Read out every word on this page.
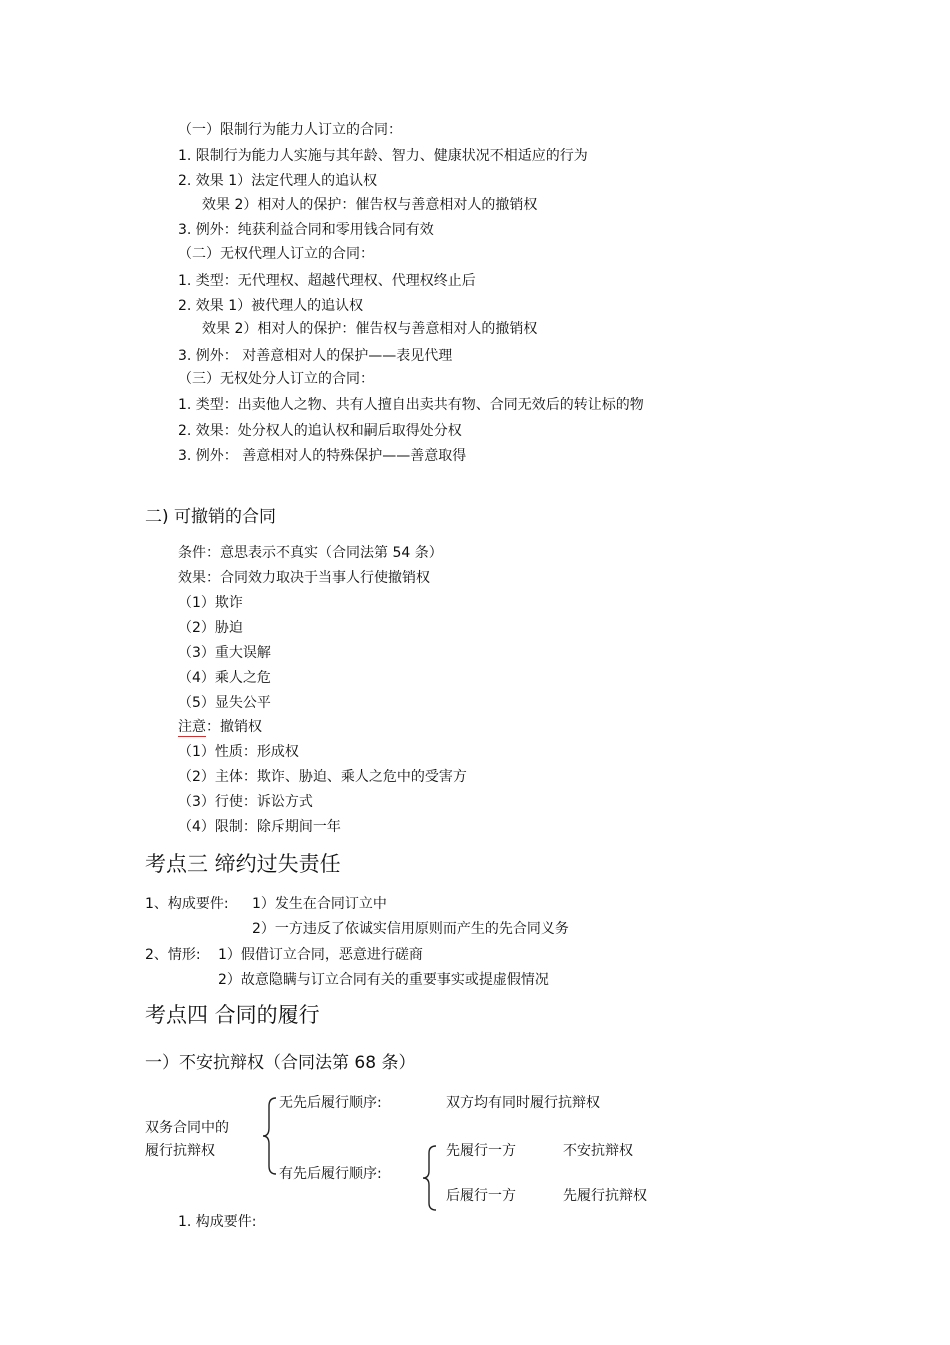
（一）限制行为能力人订立的合同：
1. 限制行为能力人实施与其年龄、智力、健康状况不相适应的行为
2. 效果 1）法定代理人的追认权
效果 2）相对人的保护：催告权与善意相对人的撤销权
3. 例外：纯获利益合同和零用钱合同有效
（二）无权代理人订立的合同：
1. 类型：无代理权、超越代理权、代理权终止后
2. 效果 1）被代理人的追认权
效果 2）相对人的保护：催告权与善意相对人的撤销权
3. 例外： 对善意相对人的保护——表见代理
（三）无权处分人订立的合同：
1. 类型：出卖他人之物、共有人擅自出卖共有物、合同无效后的转让标的物
2. 效果：处分权人的追认权和嗣后取得处分权
3. 例外： 善意相对人的特殊保护——善意取得
二) 可撤销的合同
条件：意思表示不真实（合同法第 54 条）
效果：合同效力取决于当事人行使撤销权
（1）欺诈
（2）胁迫
（3）重大误解
（4）乘人之危
（5）显失公平
注意：撤销权
（1）性质：形成权
（2）主体：欺诈、胁迫、乘人之危中的受害方
（3）行使：诉讼方式
（4）限制：除斥期间一年
考点三 缔约过失责任
1、构成要件: 1）发生在合同订立中
2）一方违反了依诚实信用原则而产生的先合同义务
2、情形: 1）假借订立合同，恶意进行磋商
2）故意隐瞒与订立合同有关的重要事实或提虚假情况
考点四 合同的履行
一）不安抗辩权（合同法第 68 条）
双务合同中的
履行抗辩权
无先后履行顺序:	双方均有同时履行抗辩权
有先后履行顺序:
先履行一方	不安抗辩权
后履行一方	先履行抗辩权
1. 构成要件:
